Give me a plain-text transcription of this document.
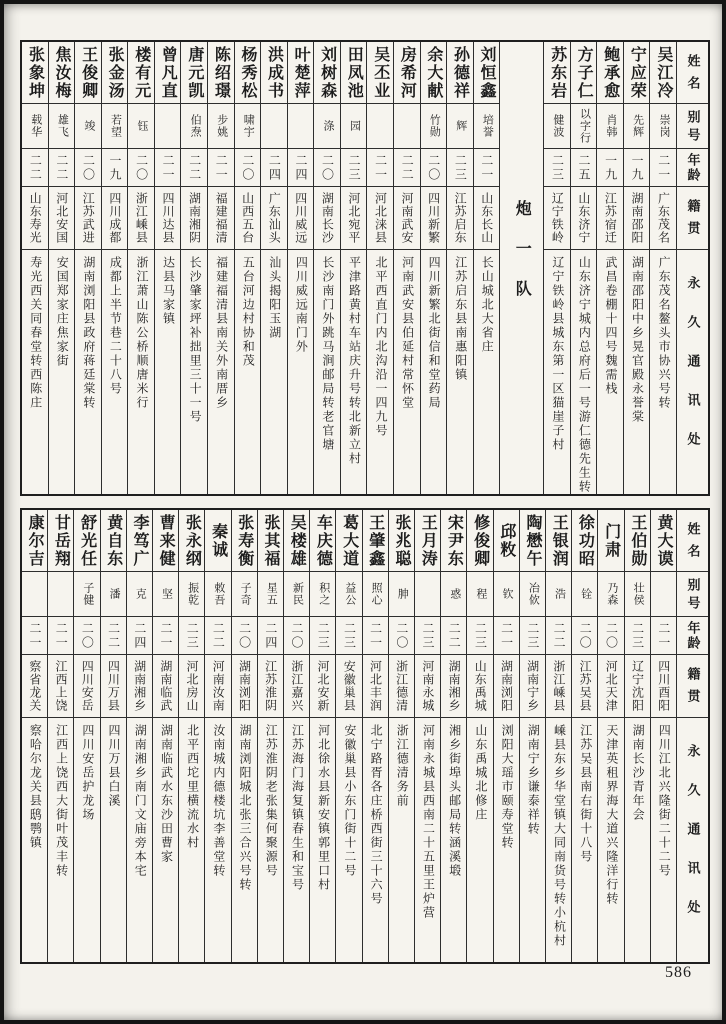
姓名
别号
年龄
籍贯
永久通讯处
吴江冷
崇岗
二一
广东茂名
广东茂名鳌头市协兴号转
宁应荣
先辉
一九
湖南邵阳
湖南邵阳中乡晃官殿永誉棠
鲍承愈
肖韩
一九
江苏宿迁
武昌卷棚十四号魏需栈
方子仁
以字行
二五
山东济宁
山东济宁城内总府后一号游仁德先生转
苏东岩
健波
二三
辽宁铁岭
辽宁铁岭县城东第一区猫崖子村
炮一队
刘恒鑫
培誉
二一
山东长山
长山城北大省庄
孙德祥
辉
二三
江苏启东
江苏启东县南惠阳镇
余大献
竹勋
二〇
四川新繁
四川新繁北街信和堂药局
房希河
二二
河南武安
河南武安县伯延村常怀堂
吴丕业
二一
河北涞县
北平西直门内北沟沿一四九号
田凤池
园
二三
河北宛平
平津路黄村车站庆升号转北新立村
刘树森
涤
二〇
湖南长沙
长沙南门外跳马涧邮局转老官塘
叶楚萍
二四
四川威远
四川威远南门外
洪成书
二四
广东汕头
汕头揭阳玉湖
杨秀松
啸宇
二〇
山西五台
五台河边村协和茂
陈绍璟
步姚
二一
福建福清
福建福清县南关外南厝乡
唐元凯
伯焘
二二
湖南湘阴
长沙肇家坪补拙里三十一号
曾凡直
二一
四川达县
达县马家镇
楼有元
钰
二〇
浙江嵊县
浙江萧山陈公桥顺唐米行
张金汤
若望
一九
四川成都
成都上半节巷二十八号
王俊卿
竣
二〇
江苏武进
湖南浏阳县政府蒋廷棠转
焦汝梅
雄飞
二二
河北安国
安国郑家庄焦家街
张象坤
载华
二二
山东寿光
寿光西关同春堂转西陈庄
姓名
别号
年龄
籍贯
永久通讯处
黄大谟
二一
四川酉阳
四川江北兴隆街二十二号
王伯勋
壮侯
二三
辽宁沈阳
湖南长沙青年会
门肃
乃森
二〇
河北天津
天津英租界海大道兴隆洋行转
徐功昭
铨
二〇
江苏吴县
江苏吴县南右街十八号
王银润
浩
二二
浙江嵊县
嵊县东乡华堂镇大同南货号转小杭村
陶懋午
冶佽
二三
湖南宁乡
湖南宁乡谦泰祥转
邱敉
钦
二一
湖南浏阳
浏阳大瑶市颐寿堂转
修俊卿
程
二三
山东禹城
山东禹城北修庄
宋尹东
惑
二二
湖南湘乡
湘乡街埠头邮局转涵溪塅
王月涛
二三
河南永城
河南永城县西南二十五里王炉营
张兆聪
胂
二〇
浙江德清
浙江德清务前
王肇鑫
照心
二一
河北丰润
北宁路胥各庄桥西街三十六号
葛大道
益公
二三
安徽巢县
安徽巢县小东门街十二号
车庆德
积之
二三
河北安新
河北徐水县新安镇郭里口村
吴楼雄
新民
二〇
浙江嘉兴
江苏海门海复镇春生和宝号
张其福
星五
二四
江苏淮阴
江苏淮阴老张集何聚源号
张寿衡
子奇
二〇
湖南浏阳
湖南浏阳城北张三合兴号转
秦诚
敕吾
二二
河南汝南
汝南城内德楼坑李善堂转
张永纲
振乾
二三
河北房山
北平西坨里横流水村
曹来健
坚
二一
湖南临武
湖南临武水东沙田曹家
李笃广
克
二四
湖南湘乡
湖南湘乡南门文庙旁本宅
黄自东
潘
二二
四川万县
四川万县白溪
舒光任
子健
二〇
四川安岳
四川安岳护龙场
甘岳翔
二一
江西上饶
江西上饶西大街叶茂丰转
康尔吉
二一
察省龙关
察哈尔龙关县鸱鹗镇
586
